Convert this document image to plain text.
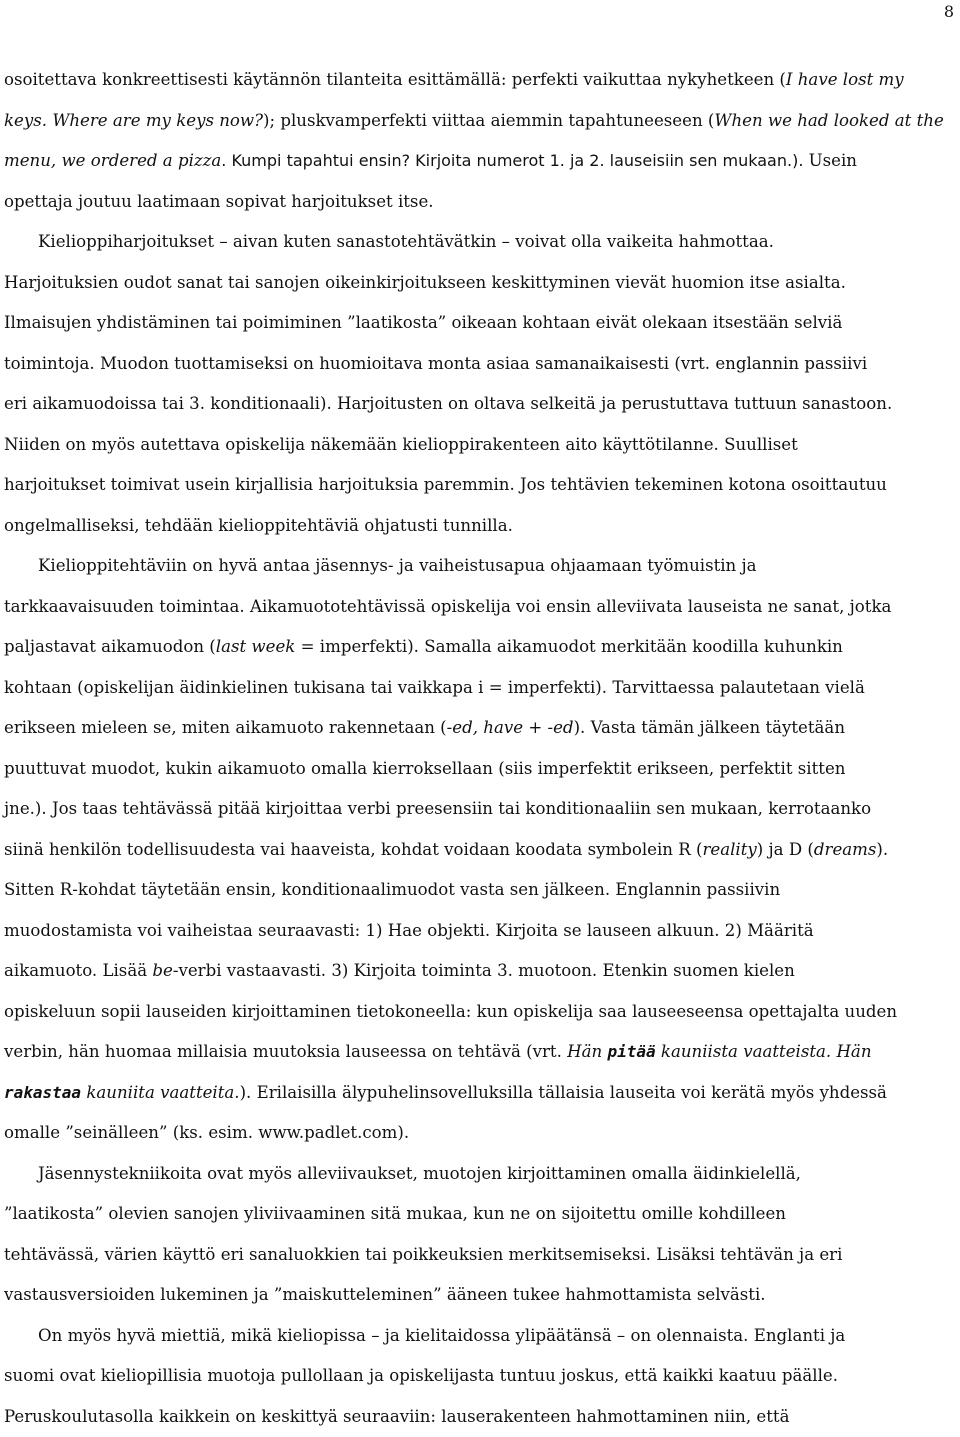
8

osoitettava konkreettisesti käytännön tilanteita esittämällä: perfekti vaikuttaa nykyhetkeen (I have lost my
keys. Where are my keys now?); pluskvamperfekti viittaa aiemmin tapahtuneeseen (When we had looked at the
menu, we ordered a pizza. Kumpi tapahtui ensin? Kirjoita numerot 1. ja 2. lauseisiin sen mukaan.). Usein
opettaja joutuu laatimaan sopivat harjoitukset itse.

Kielioppiharjoitukset – aivan kuten sanastotehtävätkin – voivat olla vaikeita hahmottaa.
Harjoituksien oudot sanat tai sanojen oikeinkirjoitukseen keskittyminen vievät huomion itse asialta.
Ilmaisujen yhdistäminen tai poimiminen ”laatikosta” oikeaan kohtaan eivät olekaan itsestään selviä
toimintoja. Muodon tuottamiseksi on huomioitava monta asiaa samanaikaisesti (vrt. englannin passiivi
eri aikamuodoissa tai 3. konditionaali). Harjoitusten on oltava selkeitä ja perustuttava tuttuun sanastoon.
Niiden on myös autettava opiskelija näkemään kielioppirakenteen aito käyttötilanne. Suulliset
harjoitukset toimivat usein kirjallisia harjoituksia paremmin. Jos tehtävien tekeminen kotona osoittautuu
ongelmalliseksi, tehdään kielioppitehtäviä ohjatusti tunnilla.

Kielioppitehtäviin on hyvä antaa jäsennys- ja vaiheistusapua ohjaamaan työmuistin ja
tarkkaavaisuuden toimintaa. Aikamuototehtävissä opiskelija voi ensin alleviivata lauseista ne sanat, jotka
paljastavat aikamuodon (last week = imperfekti). Samalla aikamuodot merkitään koodilla kuhunkin
kohtaan (opiskelijan äidinkielinen tukisana tai vaikkapa i = imperfekti). Tarvittaessa palautetaan vielä
erikseen mieleen se, miten aikamuoto rakennetaan (-ed, have + -ed). Vasta tämän jälkeen täytetään
puuttuvat muodot, kukin aikamuoto omalla kierroksellaan (siis imperfektit erikseen, perfektit sitten
jne.). Jos taas tehtävässä pitää kirjoittaa verbi preesensiin tai konditionaaliin sen mukaan, kerrotaanko
siinä henkilön todellisuudesta vai haaveista, kohdat voidaan koodata symbolein R (reality) ja D (dreams).
Sitten R-kohdat täytetään ensin, konditionaalimuodot vasta sen jälkeen. Englannin passiivin
muodostamista voi vaiheistaa seuraavasti: 1) Hae objekti. Kirjoita se lauseen alkuun. 2) Määritä
aikamuoto. Lisää be-verbi vastaavasti. 3) Kirjoita toiminta 3. muotoon. Etenkin suomen kielen
opiskeluun sopii lauseiden kirjoittaminen tietokoneella: kun opiskelija saa lauseeseensa opettajalta uuden
verbin, hän huomaa millaisia muutoksia lauseessa on tehtävä (vrt. Hän pitää kauniista vaatteista. Hän
rakastaa kauniita vaatteita.). Erilaisilla älypuhelinsovelluksilla tällaisia lauseita voi kerätä myös yhdessä
omalle ”seinälleen” (ks. esim. www.padlet.com).

Jäsennystekniikoita ovat myös alleviivaukset, muotojen kirjoittaminen omalla äidinkielellä,
”laatikosta” olevien sanojen yliviivaaminen sitä mukaa, kun ne on sijoitettu omille kohdilleen
tehtävässä, värien käyttö eri sanaluokkien tai poikkeuksien merkitsemiseksi. Lisäksi tehtävän ja eri
vastausversioiden lukeminen ja ”maiskutteleminen” ääneen tukee hahmottamista selvästi.

On myös hyvä miettiä, mikä kieliopissa – ja kielitaidossa ylipäätänsä – on olennaista. Englanti ja
suomi ovat kieliopillisia muotoja pullollaan ja opiskelijasta tuntuu joskus, että kaikki kaatuu päälle.
Peruskoulutasolla kaikkein on keskittyä seuraaviin: lauserakenteen hahmottaminen niin, että
